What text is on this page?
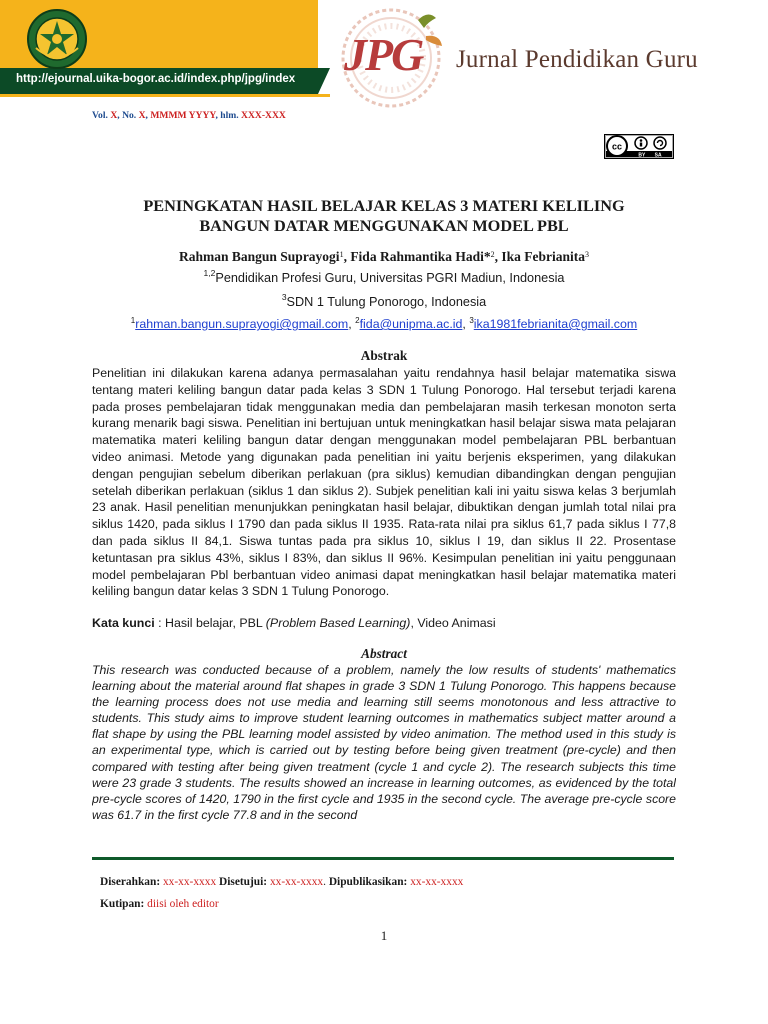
http://ejournal.uika-bogor.ac.id/index.php/jpg/index JPG Jurnal Pendidikan Guru
Vol. X, No. X, MMMM YYYY, hlm. XXX-XXX
cc
BY SA
PENINGKATAN HASIL BELAJAR KELAS 3 MATERI KELILING
BANGUN DATAR MENGGUNAKAN MODEL PBL
Rahman Bangun Suprayogi$^1$, Fida Rahmantika Hadi*$^2$, Ika Febrianita$^3$
$^{1,2}$Pendidikan Profesi Guru, Universitas PGRI Madiun, Indonesia
$^3$SDN 1 Tulung Ponorogo, Indonesia
$^1$rahman.bangun.suprayogi@gmail.com, $^2$fida@unipma.ac.id, $^3$ika1981febrianita@gmail.com
Abstrak
Penelitian ini dilakukan karena adanya permasalahan yaitu rendahnya hasil belajar matematika siswa tentang materi keliling bangun datar pada kelas 3 SDN 1 Tulung Ponorogo. Hal tersebut terjadi karena pada proses pembelajaran tidak menggunakan media dan pembelajaran masih terkesan monoton serta kurang menarik bagi siswa. Penelitian ini bertujuan untuk meningkatkan hasil belajar siswa mata pelajaran matematika materi keliling bangun datar dengan menggunakan model pembelajaran PBL berbantuan video animasi. Metode yang digunakan pada penelitian ini yaitu berjenis eksperimen, yang dilakukan dengan pengujian sebelum diberikan perlakuan (pra siklus) kemudian dibandingkan dengan pengujian setelah diberikan perlakuan (siklus 1 dan siklus 2). Subjek penelitian kali ini yaitu siswa kelas 3 berjumlah 23 anak. Hasil penelitian menunjukkan peningkatan hasil belajar, dibuktikan dengan jumlah total nilai pra siklus 1420, pada siklus I 1790 dan pada siklus II 1935. Rata-rata nilai pra siklus 61,7 pada siklus I 77,8 dan pada siklus II 84,1. Siswa tuntas pada pra siklus 10, siklus I 19, dan siklus II 22. Prosentase ketuntasan pra siklus 43%, siklus I 83%, dan siklus II 96%. Kesimpulan penelitian ini yaitu penggunaan model pembelajaran Pbl berbantuan video animasi dapat meningkatkan hasil belajar matematika materi keliling bangun datar kelas 3 SDN 1 Tulung Ponorogo.
Kata kunci : Hasil belajar, PBL (Problem Based Learning), Video Animasi
Abstract
This research was conducted because of a problem, namely the low results of students' mathematics learning about the material around flat shapes in grade 3 SDN 1 Tulung Ponorogo. This happens because the learning process does not use media and learning still seems monotonous and less attractive to students. This study aims to improve student learning outcomes in mathematics subject matter around a flat shape by using the PBL learning model assisted by video animation. The method used in this study is an experimental type, which is carried out by testing before being given treatment (pre-cycle) and then compared with testing after being given treatment (cycle 1 and cycle 2). The research subjects this time were 23 grade 3 students. The results showed an increase in learning outcomes, as evidenced by the total pre-cycle scores of 1420, 1790 in the first cycle and 1935 in the second cycle. The average pre-cycle score was 61.7 in the first cycle 77.8 and in the second
Diserahkan: xx-xx-xxxx Disetujui: xx-xx-xxxx. Dipublikasikan: xx-xx-xxxx
Kutipan: diisi oleh editor
1
